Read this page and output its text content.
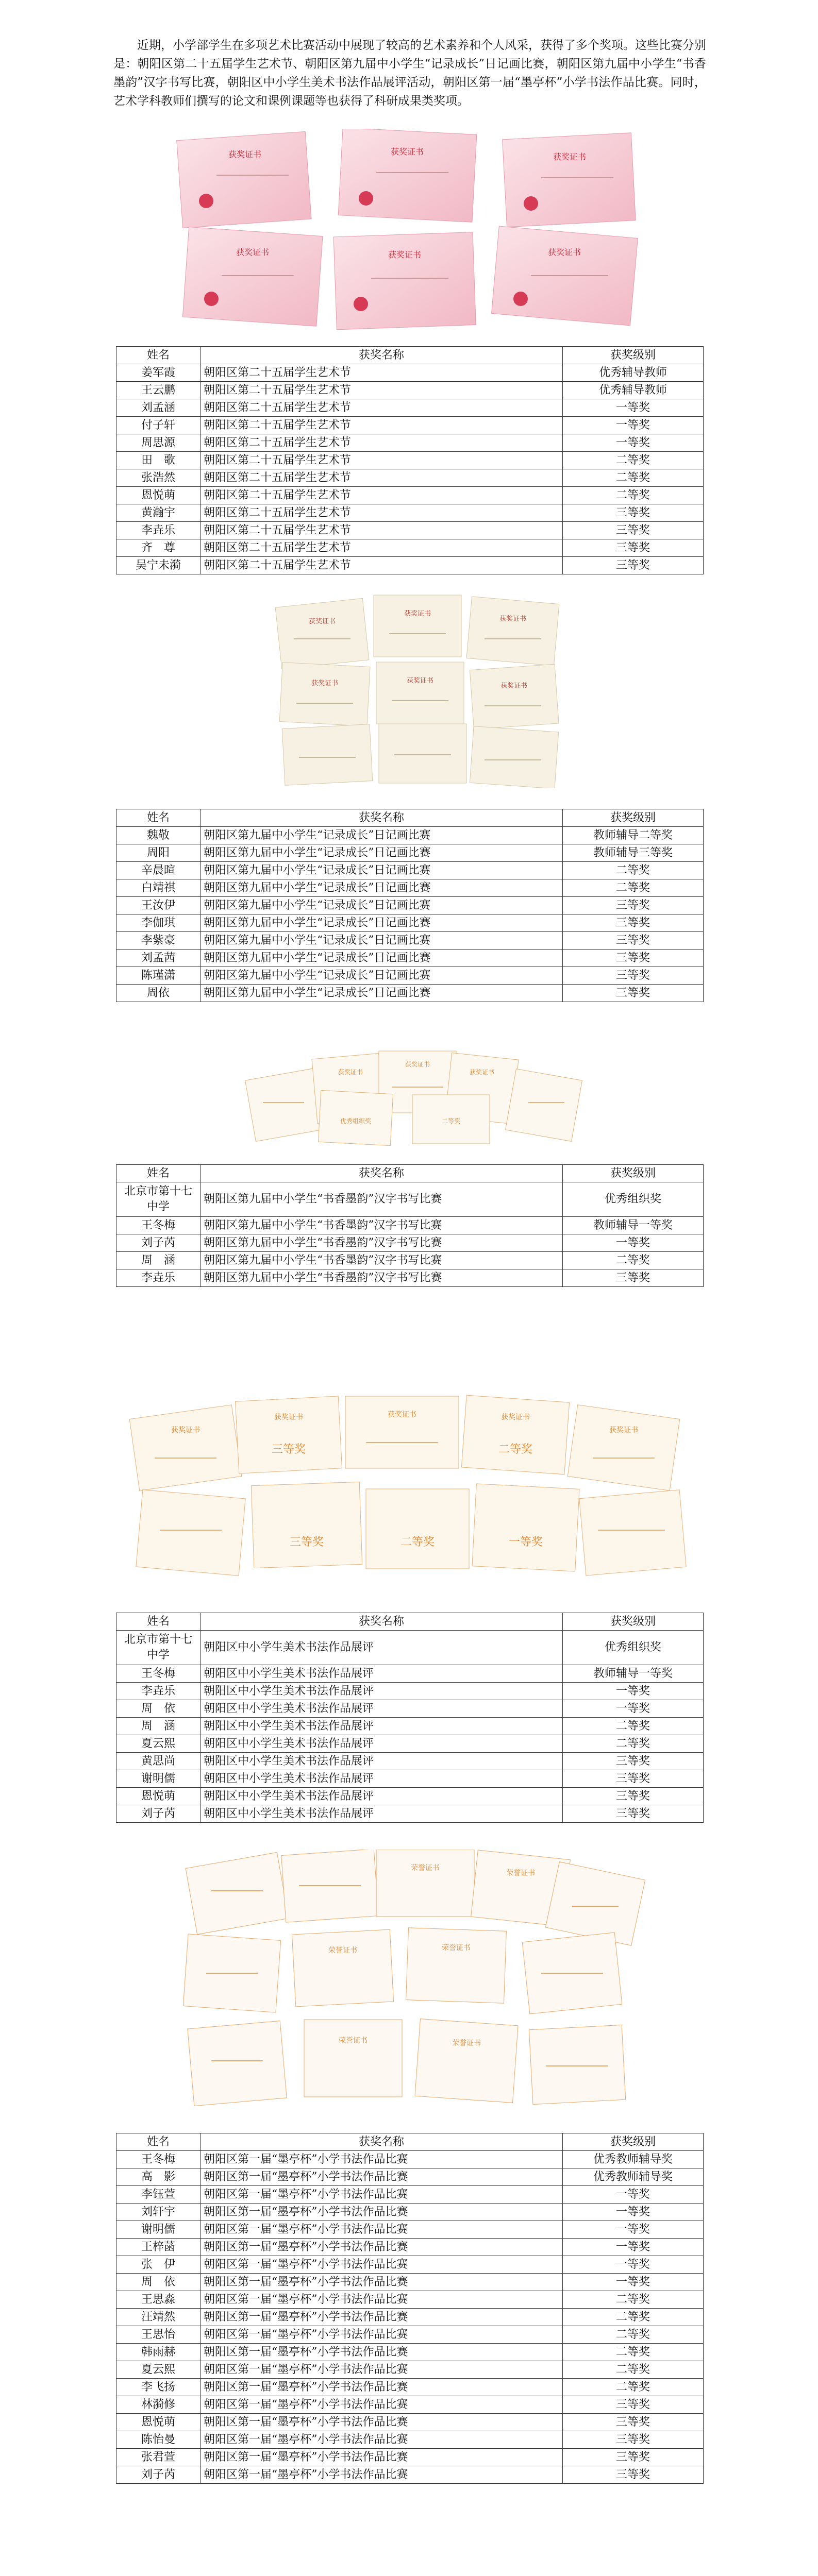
近期，小学部学生在多项艺术比赛活动中展现了较高的艺术素养和个人风采，获得了多个奖项。这些比赛分别是：朝阳区第二十五届学生艺术节、朝阳区第九届中小学生“记录成长”日记画比赛，朝阳区第九届中小学生“书香墨韵”汉字书写比赛，朝阳区中小学生美术书法作品展评活动，朝阳区第一届“墨亭杯”小学书法作品比赛。同时，艺术学科教师们撰写的论文和课例课题等也获得了科研成果类奖项。

获奖证书	获奖证书
获奖证书
获奖证书	获奖证书	获奖证书
姓名	获奖名称	获奖级别
姜军霞	朝阳区第二十五届学生艺术节	优秀辅导教师
王云鹏	朝阳区第二十五届学生艺术节	优秀辅导教师
刘孟涵	朝阳区第二十五届学生艺术节	一等奖
付子轩	朝阳区第二十五届学生艺术节	一等奖
周思源	朝阳区第二十五届学生艺术节	一等奖
田　歌	朝阳区第二十五届学生艺术节	二等奖
张浩然	朝阳区第二十五届学生艺术节	二等奖
恩悦萌	朝阳区第二十五届学生艺术节	二等奖
黄瀚宇	朝阳区第二十五届学生艺术节	三等奖
李垚乐	朝阳区第二十五届学生艺术节	三等奖
齐　尊	朝阳区第二十五届学生艺术节	三等奖
吴宁未漪	朝阳区第二十五届学生艺术节	三等奖
获奖证书
获奖证书
获奖证书
获奖证书	获奖证书
获奖证书
姓名	获奖名称	获奖级别
魏敬	朝阳区第九届中小学生“记录成长”日记画比赛	教师辅导二等奖
周阳	朝阳区第九届中小学生“记录成长”日记画比赛	教师辅导三等奖
辛晨暄	朝阳区第九届中小学生“记录成长”日记画比赛	二等奖
白靖祺	朝阳区第九届中小学生“记录成长”日记画比赛	二等奖
王汝伊	朝阳区第九届中小学生“记录成长”日记画比赛	三等奖
李伽琪	朝阳区第九届中小学生“记录成长”日记画比赛	三等奖
李紫豪	朝阳区第九届中小学生“记录成长”日记画比赛	三等奖
刘孟茜	朝阳区第九届中小学生“记录成长”日记画比赛	三等奖
陈瑾潇	朝阳区第九届中小学生“记录成长”日记画比赛	三等奖
周依	朝阳区第九届中小学生“记录成长”日记画比赛	三等奖
获奖证书
获奖证书
获奖证书
优秀组织奖	二等奖
姓名	获奖名称	获奖级别
北京市第十七中学	朝阳区第九届中小学生“书香墨韵”汉字书写比赛	优秀组织奖
王冬梅	朝阳区第九届中小学生“书香墨韵”汉字书写比赛	教师辅导一等奖
刘子芮	朝阳区第九届中小学生“书香墨韵”汉字书写比赛	一等奖
周　涵	朝阳区第九届中小学生“书香墨韵”汉字书写比赛	二等奖
李垚乐	朝阳区第九届中小学生“书香墨韵”汉字书写比赛	三等奖
获奖证书
获奖证书	获奖证书	获奖证书
获奖证书
三等奖	二等奖
三等奖	二等奖	一等奖
姓名	获奖名称	获奖级别
北京市第十七中学	朝阳区中小学生美术书法作品展评	优秀组织奖
王冬梅	朝阳区中小学生美术书法作品展评	教师辅导一等奖
李垚乐	朝阳区中小学生美术书法作品展评	一等奖
周　依	朝阳区中小学生美术书法作品展评	一等奖
周　涵	朝阳区中小学生美术书法作品展评	二等奖
夏云熙	朝阳区中小学生美术书法作品展评	二等奖
黄思尚	朝阳区中小学生美术书法作品展评	三等奖
谢明儒	朝阳区中小学生美术书法作品展评	三等奖
恩悦萌	朝阳区中小学生美术书法作品展评	三等奖
刘子芮	朝阳区中小学生美术书法作品展评	三等奖
荣誉证书
荣誉证书
荣誉证书	荣誉证书
荣誉证书	荣誉证书
姓名	获奖名称	获奖级别
王冬梅	朝阳区第一届“墨亭杯”小学书法作品比赛	优秀教师辅导奖
高　影	朝阳区第一届“墨亭杯”小学书法作品比赛	优秀教师辅导奖
李钰萱	朝阳区第一届“墨亭杯”小学书法作品比赛	一等奖
刘轩宇	朝阳区第一届“墨亭杯”小学书法作品比赛	一等奖
谢明儒	朝阳区第一届“墨亭杯”小学书法作品比赛	一等奖
王梓菡	朝阳区第一届“墨亭杯”小学书法作品比赛	一等奖
张　伊	朝阳区第一届“墨亭杯”小学书法作品比赛	一等奖
周　依	朝阳区第一届“墨亭杯”小学书法作品比赛	一等奖
王思淼	朝阳区第一届“墨亭杯”小学书法作品比赛	二等奖
汪靖然	朝阳区第一届“墨亭杯”小学书法作品比赛	二等奖
王思怡	朝阳区第一届“墨亭杯”小学书法作品比赛	二等奖
韩雨赫	朝阳区第一届“墨亭杯”小学书法作品比赛	二等奖
夏云熙	朝阳区第一届“墨亭杯”小学书法作品比赛	二等奖
李飞扬	朝阳区第一届“墨亭杯”小学书法作品比赛	二等奖
林漪修	朝阳区第一届“墨亭杯”小学书法作品比赛	三等奖
恩悦萌	朝阳区第一届“墨亭杯”小学书法作品比赛	三等奖
陈怡曼	朝阳区第一届“墨亭杯”小学书法作品比赛	三等奖
张君萱	朝阳区第一届“墨亭杯”小学书法作品比赛	三等奖
刘子芮	朝阳区第一届“墨亭杯”小学书法作品比赛	三等奖
